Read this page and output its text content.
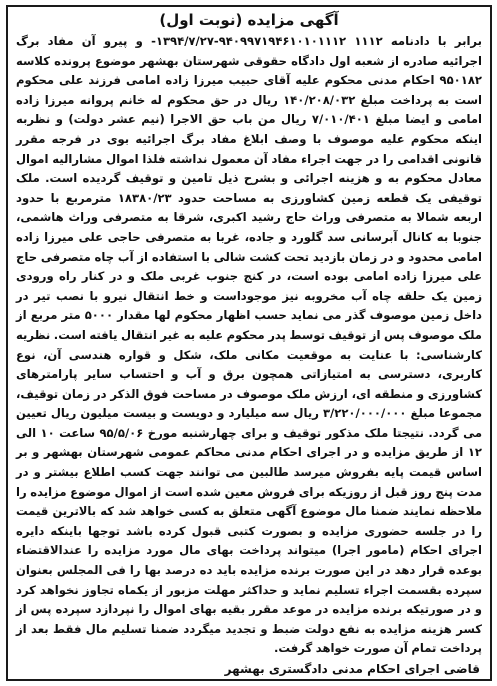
آگهی مزایده (نوبت اول)

برابر با دادنامه ۱۱۱۲ ۹۴۰۹۹۷۱۹۴۶۱۰۱۰۱۱۱۲-۱۳۹۴/۷/۲۷- و پیرو آن مفاد برگ اجرائیه صادره از شعبه اول دادگاه حقوقی شهرستان بهشهر موضوع پرونده کلاسه ۹۵۰۱۸۲ احکام مدنی محکوم علیه آقای حبیب میرزا زاده امامی فرزند علی محکوم است به پرداخت مبلغ ۱۴۰/۲۰۸/۰۳۲ ریال در حق محکوم له خانم پروانه میرزا زاده امامی و ایضا مبلغ ۷/۰۱۰/۴۰۱ ریال من باب حق الاجرا (نیم عشر دولت) و نظربه اینکه محکوم علیه موصوف با وصف ابلاغ مفاد برگ اجرائیه بوی در فرجه مقرر قانونی اقدامی را در جهت اجراء مفاد آن معمول نداشته فلذا اموال مشارالیه اموال معادل محکوم به و هزینه اجرائی و بشرح ذیل تامین و توقیف گردیده است. ملک توقیفی یک قطعه زمین کشاورزی به مساحت حدود ۱۸۳۸۰/۲۳ مترمربع با حدود اربعه شمالا به متصرفی وراث حاج رشید اکبری، شرقا به متصرفی وراث هاشمی، جنوبا به کانال آبرسانی سد گلورد و جاده، غربا به متصرفی حاجی علی میرزا زاده امامی محدود و در زمان بازدید تحت کشت شالی با استفاده از آب چاه متصرفی حاج علی میرزا زاده امامی بوده است، در کنج جنوب غربی ملک و در کنار راه ورودی زمین یک حلقه چاه آب مخروبه نیز موجوداست و خط انتقال نیرو با نصب تیر در داخل زمین موصوف گذر می نماید حسب اظهار محکوم لها مقدار ۵۰۰۰ متر مربع از ملک موصوف پس از توقیف توسط پدر محکوم علیه به غیر انتقال یافته است. نظریه کارشناسی: با عنایت به موقعیت مکانی ملک، شکل و قواره هندسی آن، نوع کاربری، دسترسی به امتیازاتی همچون برق و آب و احتساب سایر پارامترهای کشاورزی و منطقه ای، ارزش ملک موصوف در مساحت فوق الذکر در زمان توقیف، مجموعا مبلغ ۳/۲۲۰/۰۰۰/۰۰۰ ریال سه میلیارد و دویست و بیست میلیون ریال تعیین می گردد. نتیجتا ملک مذکور توقیف و برای چهارشنبه مورخ ۹۵/۵/۰۶ ساعت ۱۰ الی ۱۲ از طریق مزایده و در اجرای احکام مدنی محاکم عمومی شهرستان بهشهر و بر اساس قیمت پایه بفروش میرسد طالبین می توانند جهت کسب اطلاع بیشتر و در مدت پنج روز قبل از روزیکه برای فروش معین شده است از اموال موضوع مزایده را ملاحظه نمایند ضمنا مال موضوع آگهی متعلق به کسی خواهد شد که بالاترین قیمت را در جلسه حضوری مزایده و بصورت کتبی قبول کرده باشد توجها باینکه دایره اجرای احکام (مامور اجرا) میتواند پرداخت بهای مال مورد مزایده را عندالاقتضاء بوعده قرار دهد در این صورت برنده مزایده باید ده درصد بها را فی المجلس بعنوان سپرده بقسمت اجراء تسلیم نماید و حداکثر مهلت مزبور از یکماه تجاوز نخواهد کرد و در صورتیکه برنده مزایده در موعد مقرر بقیه بهای اموال را نپردازد سپرده پس از کسر هزینه مزایده به نفع دولت ضبط و تجدید میگردد ضمنا تسلیم مال فقط بعد از پرداخت تمام آن صورت خواهد گرفت.

قاضی اجرای احکام مدنی دادگستری بهشهر
